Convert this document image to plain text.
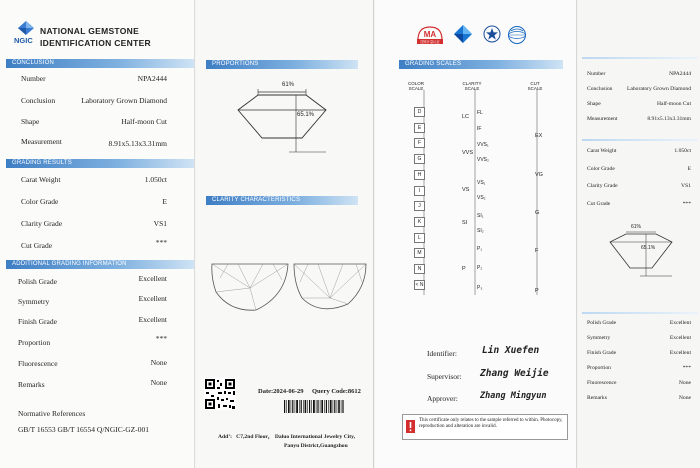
NGIC
NATIONAL GEMSTONE
IDENTIFICATION CENTER
CONCLUSION
Number	NPA2444
Conclusion	Laboratory Grown Diamond
Shape	Half-moon Cut
Measurement	8.91x5.13x3.31mm
GRADING RESULTS
Carat Weight	1.050ct
Color Grade	E
Clarity Grade	VS1
Cut Grade	***
ADDITIONAL GRADING INFORMATION
Polish Grade	Excellent
Symmetry	Excellent
Finish Grade	Excellent
Proportion	***
Fluorescence	None
Remarks	None
Normative References
GB/T 16553 GB/T 16554 Q/NGIC-GZ-001
PROPORTIONS
61%
65.1%
CLARITY CHARACTERISTICS
Date:2024-06-29 Query Code:8612
Add’:   C7,2nd Floor， Daluo International Jewelry City,
Panyu District,Guangzhou
MA
国家计量认证
GRADING SCALES
COLOR SCALE
CLARITY SCALE
CUT SCALE
D
E
F
G
H
I
J
K
L
M
N
< N
FL
IF
VVS₁
VVS₂
VS₁
VS₂
SI₁
SI₂
P₁
P₂
P₃
LC
VVS
VS
SI
P
EX
VG
G
F
P
Identifier:	Lin Xuefen
Supervisor: Zhang Weijie
Approver:	Zhang Mingyun
This certificate only relates to the sample referred to within. Photocopy, reproduction and alteration are invalid.
Number	NPA2444
Conclusion	Laboratory Grown Diamond
Shape	Half-moon Cut
Measurement	8.91x5.13x3.31mm
Carat Weight	1.050ct
Color Grade	E
Clarity Grade	VS1
Cut Grade	***
61%
65.1%
Polish Grade	Excellent
Symmetry	Excellent
Finish Grade	Excellent
Proportion	***
Fluorescence	None
Remarks	None
